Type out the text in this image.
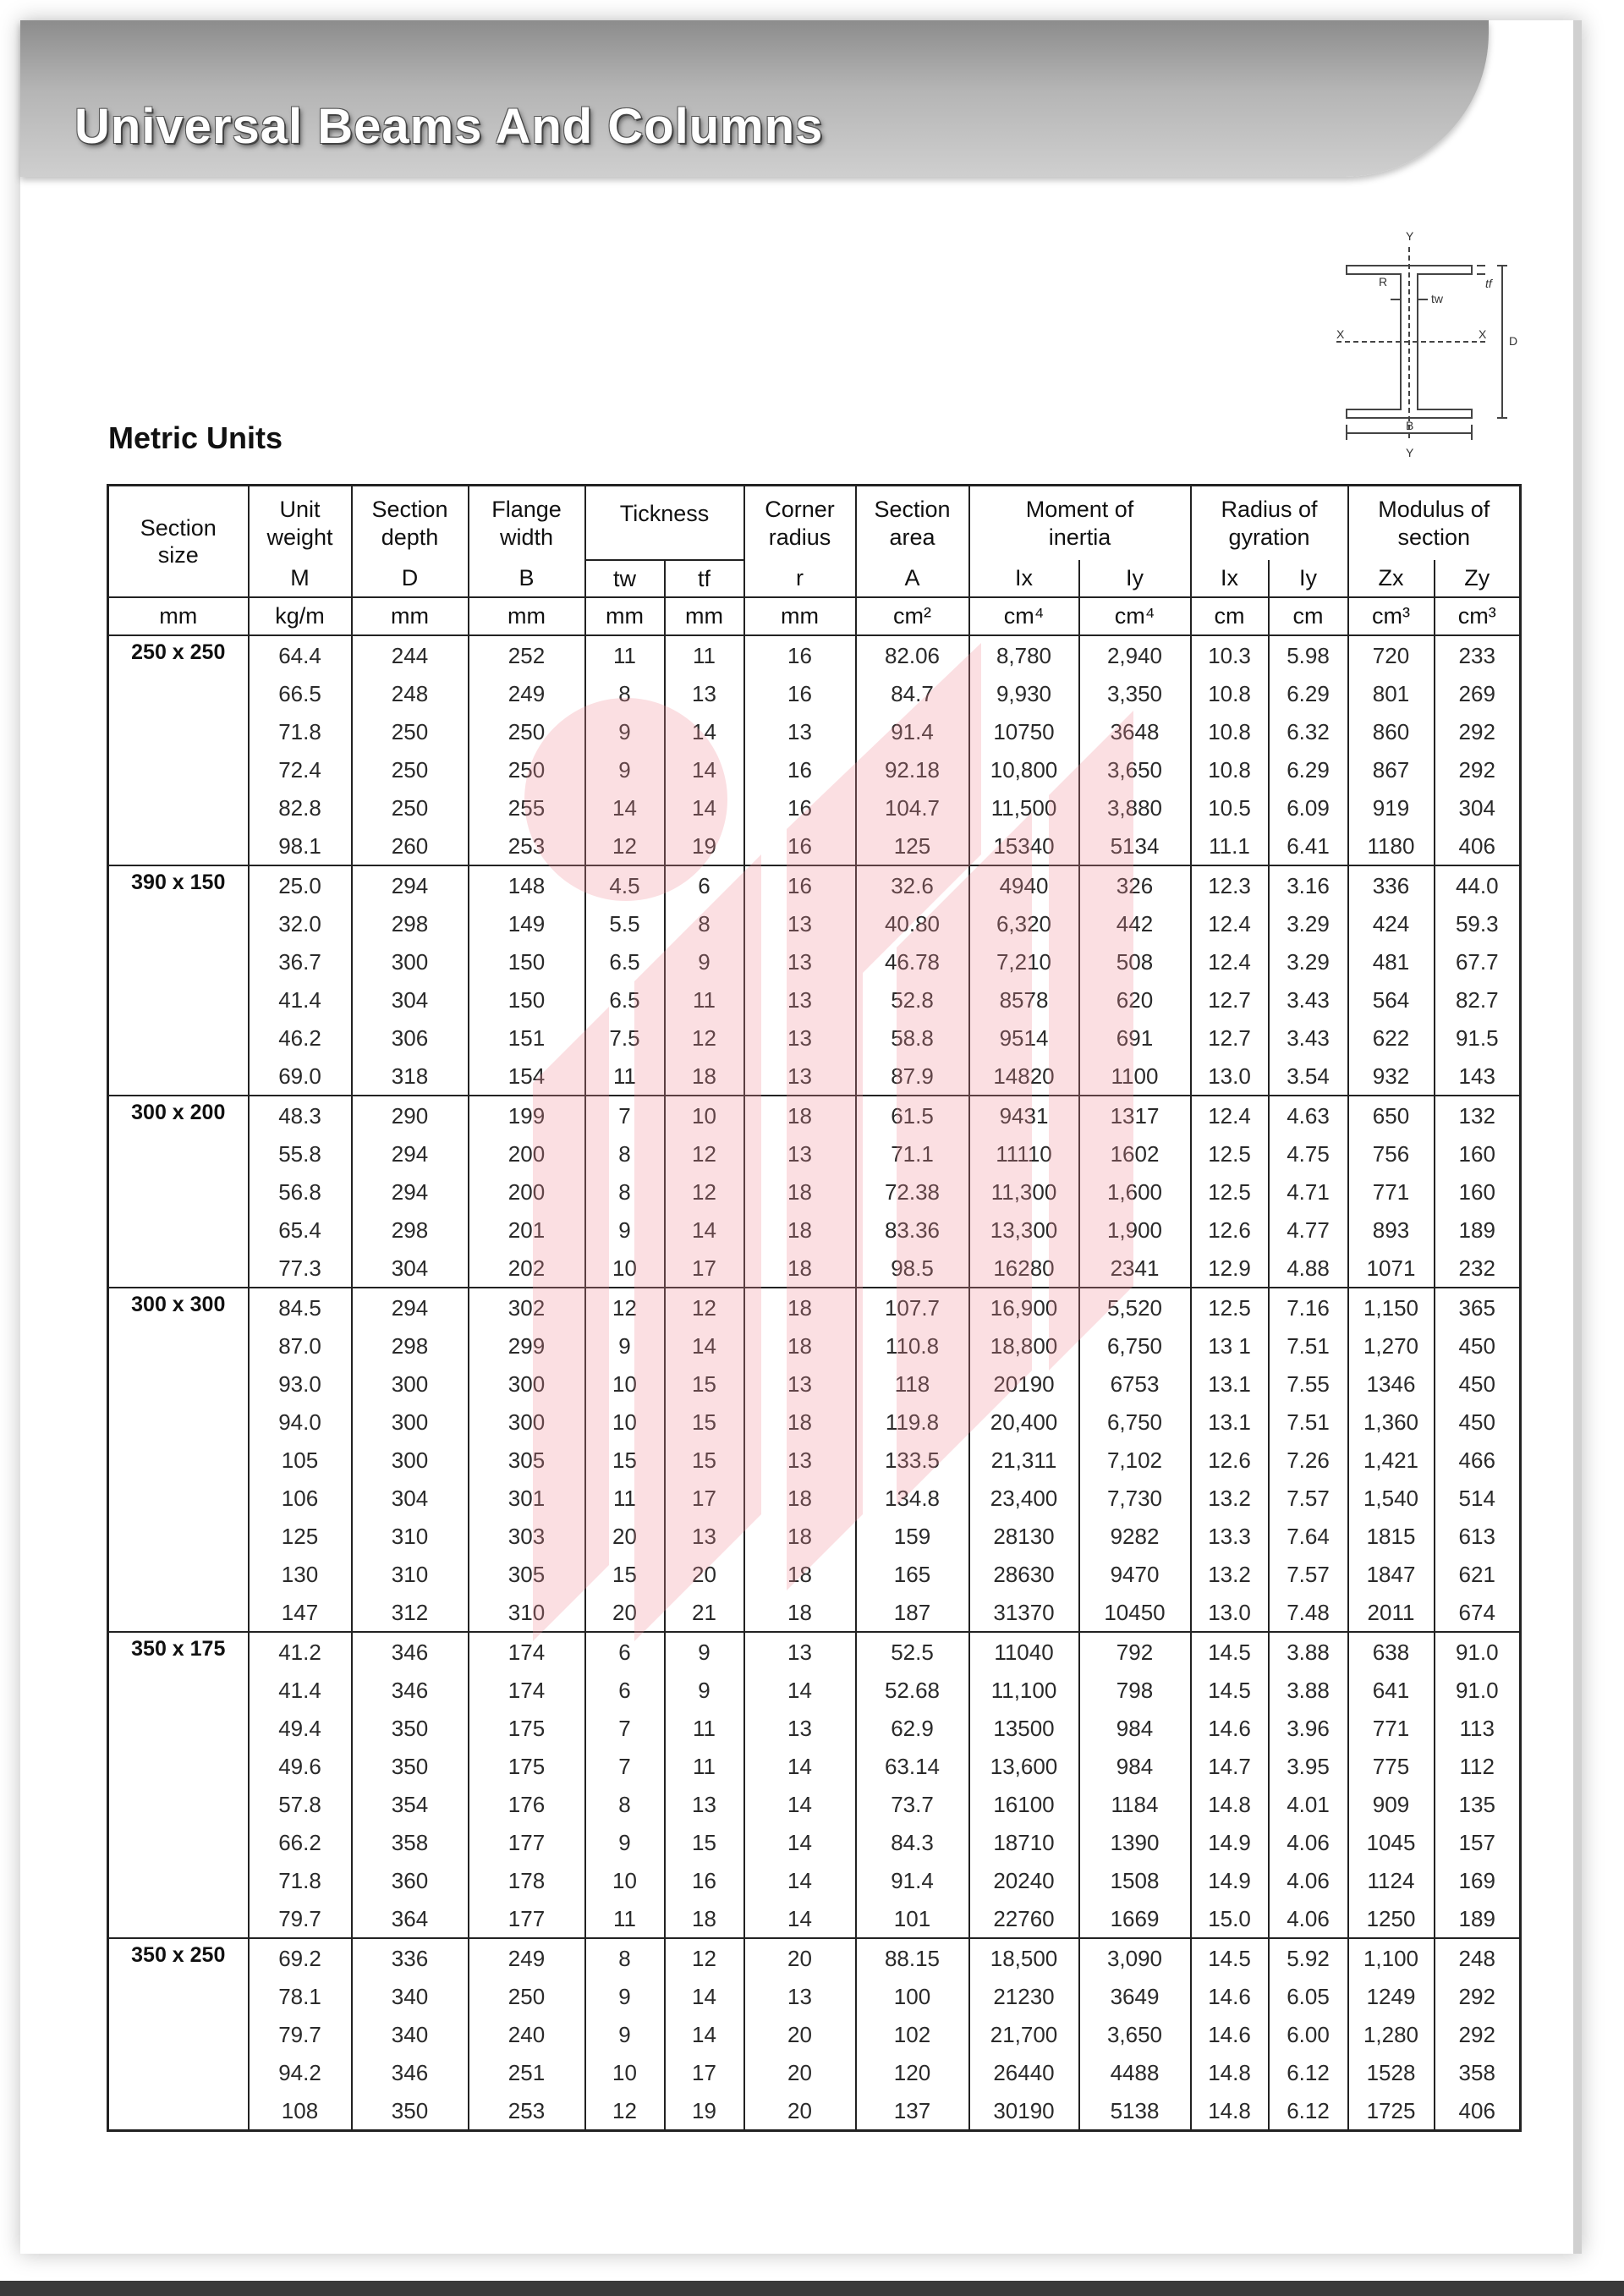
Universal Beams And Columns
Metric Units
Y
Y
X	X
R
tw
tf
D
B
Section size	Unit weight	Section depth	Flange width	Tickness		Corner radius	Section area	Moment of inertia		Radius of gyration		Modulus of section	
	M	D	B	tw	tf	r	A	Ix	Iy	Ix	Iy	Zx	Zy
mm	kg/m	mm	mm	mm	mm	mm	cm²	cm⁴	cm⁴	cm	cm	cm³	cm³
250 x 250	64.4	244	252	11	11	16	82.06	8,780	2,940	10.3	5.98	720	233
	66.5	248	249	8	13	16	84.7	9,930	3,350	10.8	6.29	801	269
	71.8	250	250	9	14	13	91.4	10750	3648	10.8	6.32	860	292
	72.4	250	250	9	14	16	92.18	10,800	3,650	10.8	6.29	867	292
	82.8	250	255	14	14	16	104.7	11,500	3,880	10.5	6.09	919	304
	98.1	260	253	12	19	16	125	15340	5134	11.1	6.41	1180	406
390 x 150	25.0	294	148	4.5	6	16	32.6	4940	326	12.3	3.16	336	44.0
	32.0	298	149	5.5	8	13	40.80	6,320	442	12.4	3.29	424	59.3
	36.7	300	150	6.5	9	13	46.78	7,210	508	12.4	3.29	481	67.7
	41.4	304	150	6.5	11	13	52.8	8578	620	12.7	3.43	564	82.7
	46.2	306	151	7.5	12	13	58.8	9514	691	12.7	3.43	622	91.5
	69.0	318	154	11	18	13	87.9	14820	1100	13.0	3.54	932	143
300 x 200	48.3	290	199	7	10	18	61.5	9431	1317	12.4	4.63	650	132
	55.8	294	200	8	12	13	71.1	11110	1602	12.5	4.75	756	160
	56.8	294	200	8	12	18	72.38	11,300	1,600	12.5	4.71	771	160
	65.4	298	201	9	14	18	83.36	13,300	1,900	12.6	4.77	893	189
	77.3	304	202	10	17	18	98.5	16280	2341	12.9	4.88	1071	232
300 x 300	84.5	294	302	12	12	18	107.7	16,900	5,520	12.5	7.16	1,150	365
	87.0	298	299	9	14	18	110.8	18,800	6,750	13 1	7.51	1,270	450
	93.0	300	300	10	15	13	118	20190	6753	13.1	7.55	1346	450
	94.0	300	300	10	15	18	119.8	20,400	6,750	13.1	7.51	1,360	450
	105	300	305	15	15	13	133.5	21,311	7,102	12.6	7.26	1,421	466
	106	304	301	11	17	18	134.8	23,400	7,730	13.2	7.57	1,540	514
	125	310	303	20	13	18	159	28130	9282	13.3	7.64	1815	613
	130	310	305	15	20	18	165	28630	9470	13.2	7.57	1847	621
	147	312	310	20	21	18	187	31370	10450	13.0	7.48	2011	674
350 x 175	41.2	346	174	6	9	13	52.5	11040	792	14.5	3.88	638	91.0
	41.4	346	174	6	9	14	52.68	11,100	798	14.5	3.88	641	91.0
	49.4	350	175	7	11	13	62.9	13500	984	14.6	3.96	771	113
	49.6	350	175	7	11	14	63.14	13,600	984	14.7	3.95	775	112
	57.8	354	176	8	13	14	73.7	16100	1184	14.8	4.01	909	135
	66.2	358	177	9	15	14	84.3	18710	1390	14.9	4.06	1045	157
	71.8	360	178	10	16	14	91.4	20240	1508	14.9	4.06	1124	169
	79.7	364	177	11	18	14	101	22760	1669	15.0	4.06	1250	189
350 x 250	69.2	336	249	8	12	20	88.15	18,500	3,090	14.5	5.92	1,100	248
	78.1	340	250	9	14	13	100	21230	3649	14.6	6.05	1249	292
	79.7	340	240	9	14	20	102	21,700	3,650	14.6	6.00	1,280	292
	94.2	346	251	10	17	20	120	26440	4488	14.8	6.12	1528	358
	108	350	253	12	19	20	137	30190	5138	14.8	6.12	1725	406
